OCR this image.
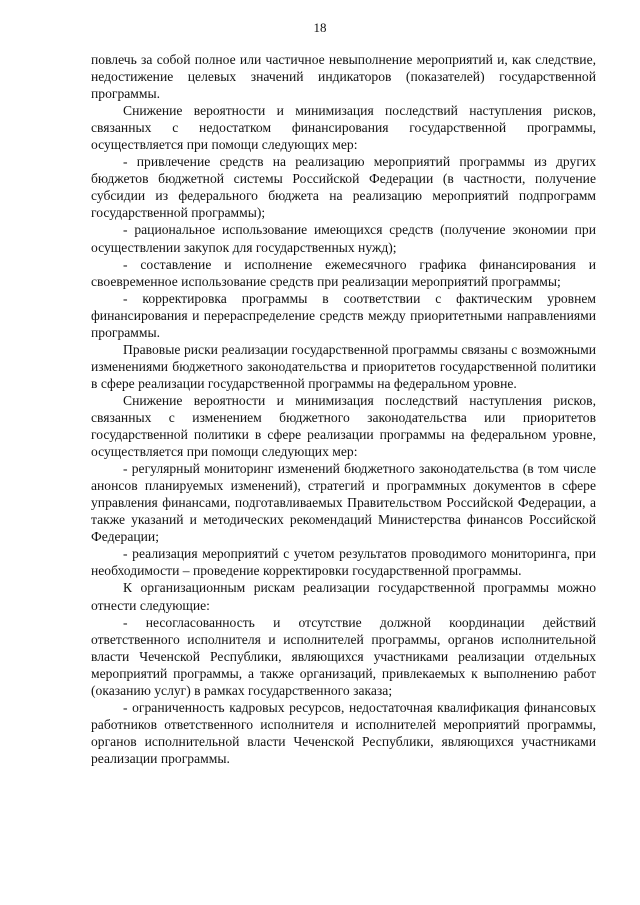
18

повлечь за собой полное или частичное невыполнение мероприятий и, как следствие, недостижение целевых значений индикаторов (показателей) государственной программы.

Снижение вероятности и минимизация последствий наступления рисков, связанных с недостатком финансирования государственной программы, осуществляется при помощи следующих мер:

- привлечение средств на реализацию мероприятий программы из других бюджетов бюджетной системы Российской Федерации (в частности, получение субсидии из федерального бюджета на реализацию мероприятий подпрограмм государственной программы);

- рациональное использование имеющихся средств (получение экономии при осуществлении закупок для государственных нужд);

- составление и исполнение ежемесячного графика финансирования и своевременное использование средств при реализации мероприятий программы;

- корректировка программы в соответствии с фактическим уровнем финансирования и перераспределение средств между приоритетными направлениями программы.

Правовые риски реализации государственной программы связаны с возможными изменениями бюджетного законодательства и приоритетов государственной политики в сфере реализации государственной программы на федеральном уровне.

Снижение вероятности и минимизация последствий наступления рисков, связанных с изменением бюджетного законодательства или приоритетов государственной политики в сфере реализации программы на федеральном уровне, осуществляется при помощи следующих мер:

- регулярный мониторинг изменений бюджетного законодательства (в том числе анонсов планируемых изменений), стратегий и программных документов в сфере управления финансами, подготавливаемых Правительством Российской Федерации, а также указаний и методических рекомендаций Министерства финансов Российской Федерации;

- реализация мероприятий с учетом результатов проводимого мониторинга, при необходимости – проведение корректировки государственной программы.

К организационным рискам реализации государственной программы можно отнести следующие:

- несогласованность и отсутствие должной координации действий ответственного исполнителя и исполнителей программы, органов исполнительной власти Чеченской Республики, являющихся участниками реализации отдельных мероприятий программы, а также организаций, привлекаемых к выполнению работ (оказанию услуг) в рамках государственного заказа;

- ограниченность кадровых ресурсов, недостаточная квалификация финансовых работников ответственного исполнителя и исполнителей мероприятий программы, органов исполнительной власти Чеченской Республики, являющихся участниками реализации программы.
